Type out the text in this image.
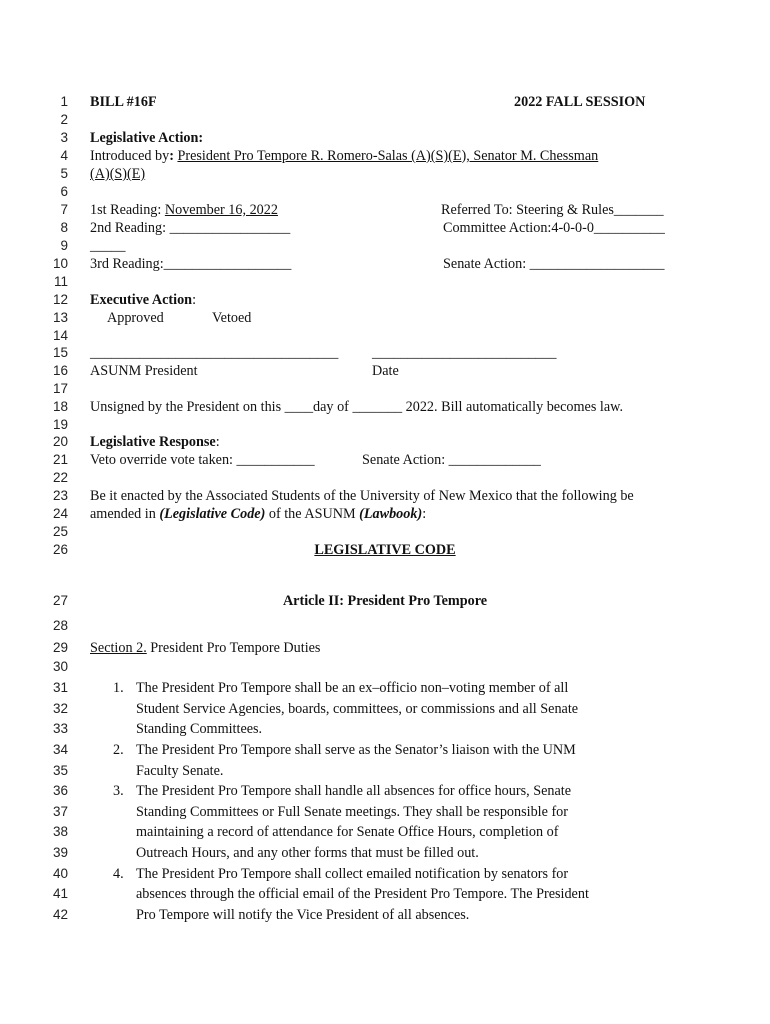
1 BILL #16F	2022 FALL SESSION
2
3 Legislative Action:
4 Introduced by: President Pro Tempore R. Romero-Salas (A)(S)(E), Senator M. Chessman
5 (A)(S)(E)
6
7 1st Reading: November 16, 2022	Referred To: Steering & Rules_______
8 2nd Reading: _________________	Committee Action:4-0-0-0__________
9 _____
10 3rd Reading:__________________	Senate Action: ___________________
11
12 Executive Action:
13	Approved	Vetoed
14
15 ___________________________________ __________________________
16 ASUNM President	Date
17
18 Unsigned by the President on this ____day of _______ 2022. Bill automatically becomes law.
19
20 Legislative Response:
21 Veto override vote taken: ___________	Senate Action: _____________
22
23 Be it enacted by the Associated Students of the University of New Mexico that the following be
24 amended in (Legislative Code) of the ASUNM (Lawbook):
25
26	LEGISLATIVE CODE
27	Article II: President Pro Tempore
28
29 Section 2. President Pro Tempore Duties
30
31	1. The President Pro Tempore shall be an ex–officio non–voting member of all
32	Student Service Agencies, boards, committees, or commissions and all Senate
33	Standing Committees.
34	2. The President Pro Tempore shall serve as the Senator’s liaison with the UNM
35	Faculty Senate.
36	3. The President Pro Tempore shall handle all absences for office hours, Senate
37	Standing Committees or Full Senate meetings. They shall be responsible for
38	maintaining a record of attendance for Senate Office Hours, completion of
39	Outreach Hours, and any other forms that must be filled out.
40	4. The President Pro Tempore shall collect emailed notification by senators for
41	absences through the official email of the President Pro Tempore. The President
42	Pro Tempore will notify the Vice President of all absences.
